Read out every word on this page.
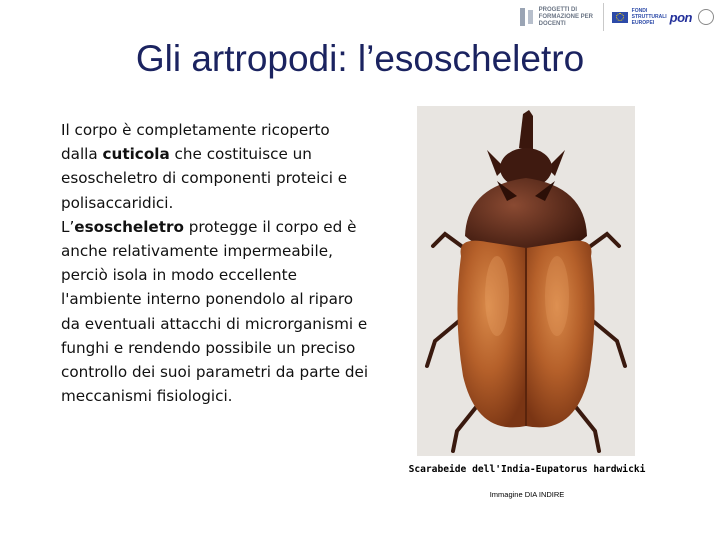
PROGETTI DI FORMAZIONE PER DOCENTI
FONDI STRUTTURALI EUROPEI	pon
Gli artropodi: l’esoscheletro

Il corpo è completamente ricoperto dalla cuticola che costituisce un esoscheletro di componenti proteici e polisaccaridici.

L’esoscheletro protegge il corpo ed è anche relativamente impermeabile, perciò isola in modo eccellente l'ambiente interno ponendolo al riparo da eventuali attacchi di microrganismi e funghi e rendendo possibile un preciso controllo dei suoi parametri da parte dei meccanismi fisiologici.

Scarabeide dell'India-Eupatorus hardwicki
Immagine DIA INDIRE
